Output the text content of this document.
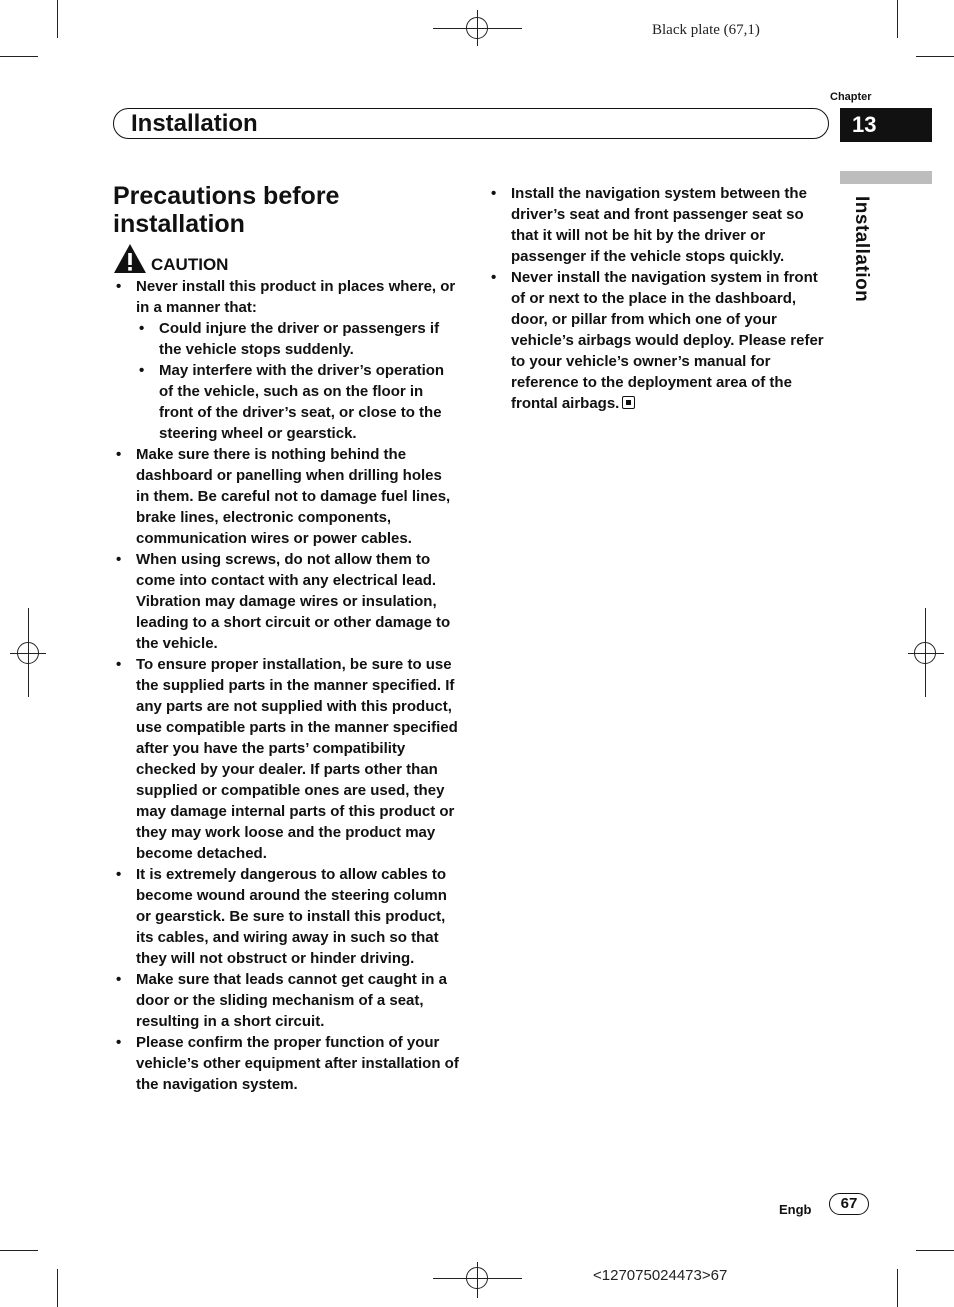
Black plate (67,1)
Chapter
13
Installation
Installation
Precautions before installation
CAUTION
• Never install this product in places where, or in a manner that:
• Could injure the driver or passengers if the vehicle stops suddenly.
• May interfere with the driver’s operation of the vehicle, such as on the floor in front of the driver’s seat, or close to the steering wheel or gearstick.
• Make sure there is nothing behind the dashboard or panelling when drilling holes in them. Be careful not to damage fuel lines, brake lines, electronic components, communication wires or power cables.
• When using screws, do not allow them to come into contact with any electrical lead. Vibration may damage wires or insulation, leading to a short circuit or other damage to the vehicle.
• To ensure proper installation, be sure to use the supplied parts in the manner specified. If any parts are not supplied with this product, use compatible parts in the manner specified after you have the parts’ compatibility checked by your dealer. If parts other than supplied or compatible ones are used, they may damage internal parts of this product or they may work loose and the product may become detached.
• It is extremely dangerous to allow cables to become wound around the steering column or gearstick. Be sure to install this product, its cables, and wiring away in such so that they will not obstruct or hinder driving.
• Make sure that leads cannot get caught in a door or the sliding mechanism of a seat, resulting in a short circuit.
• Please confirm the proper function of your vehicle’s other equipment after installation of the navigation system.
• Install the navigation system between the driver’s seat and front passenger seat so that it will not be hit by the driver or passenger if the vehicle stops quickly.
• Never install the navigation system in front of or next to the place in the dashboard, door, or pillar from which one of your vehicle’s airbags would deploy. Please refer to your vehicle’s owner’s manual for reference to the deployment area of the frontal airbags.
Engb	67
<127075024473>67
